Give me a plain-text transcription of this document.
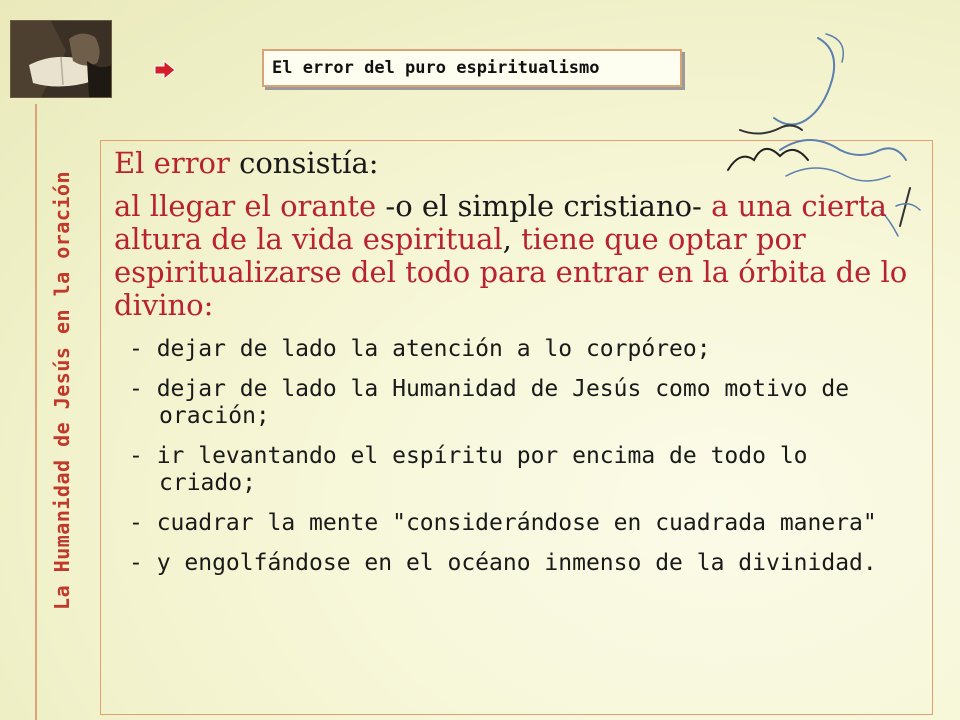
El error del puro espiritualismo
La Humanidad de Jesús en la oración

El error consistía:

al llegar el orante -o el simple cristiano- a una cierta altura de la vida espiritual, tiene que optar por espiritualizarse del todo para entrar en la órbita de lo divino:

- dejar de lado la atención a lo corpóreo;
- dejar de lado la Humanidad de Jesús como motivo de oración;
- ir levantando el espíritu por encima de todo lo criado;
- cuadrar la mente "considerándose en cuadrada manera"
- y engolfándose en el océano inmenso de la divinidad.
